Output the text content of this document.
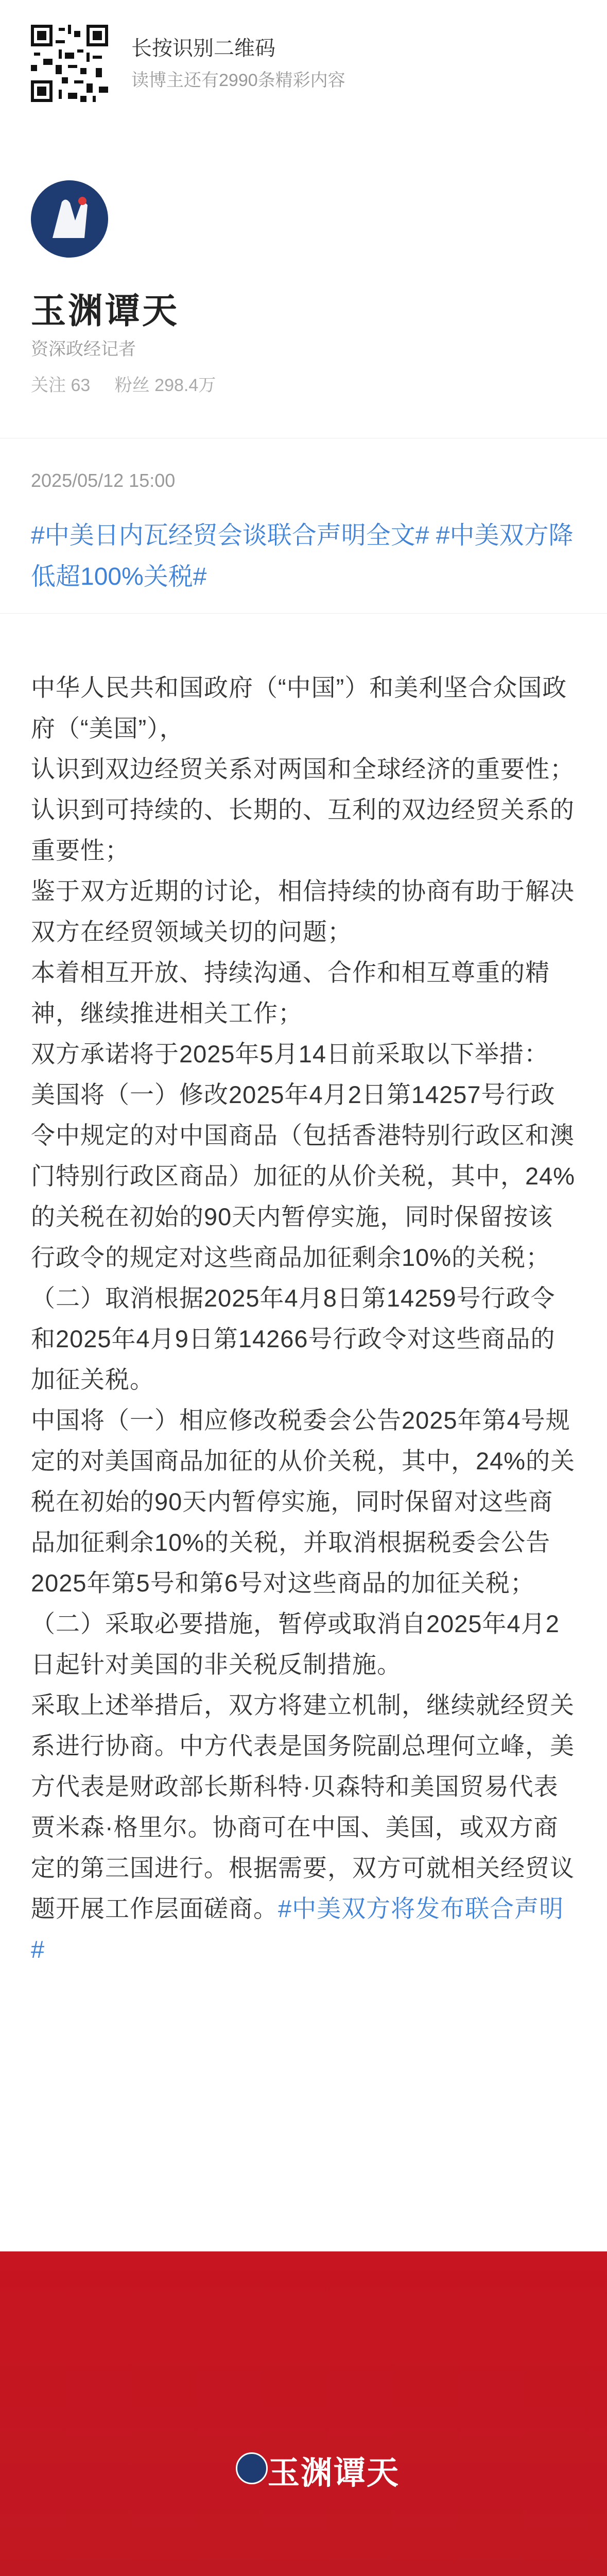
长按识别二维码
读博主还有2990条精彩内容
玉渊谭天
资深政经记者
关注 63 粉丝 298.4万
2025/05/12 15:00
#中美日内瓦经贸会谈联合声明全文# #中美双方降低超100%关税#

中华人民共和国政府（“中国”）和美利坚合众国政府（“美国”），

认识到双边经贸关系对两国和全球经济的重要性；

认识到可持续的、长期的、互利的双边经贸关系的重要性；

鉴于双方近期的讨论，相信持续的协商有助于解决双方在经贸领域关切的问题；

本着相互开放、持续沟通、合作和相互尊重的精神，继续推进相关工作；

双方承诺将于2025年5月14日前采取以下举措：

美国将（一）修改2025年4月2日第14257号行政令中规定的对中国商品（包括香港特别行政区和澳门特别行政区商品）加征的从价关税，其中，24%的关税在初始的90天内暂停实施，同时保留按该行政令的规定对这些商品加征剩余10%的关税；（二）取消根据2025年4月8日第14259号行政令和2025年4月9日第14266号行政令对这些商品的加征关税。

中国将（一）相应修改税委会公告2025年第4号规定的对美国商品加征的从价关税，其中，24%的关税在初始的90天内暂停实施，同时保留对这些商品加征剩余10%的关税，并取消根据税委会公告2025年第5号和第6号对这些商品的加征关税；（二）采取必要措施，暂停或取消自2025年4月2日起针对美国的非关税反制措施。

采取上述举措后，双方将建立机制，继续就经贸关系进行协商。中方代表是国务院副总理何立峰，美方代表是财政部长斯科特·贝森特和美国贸易代表贾米森·格里尔。协商可在中国、美国，或双方商定的第三国进行。根据需要，双方可就相关经贸议题开展工作层面磋商。#中美双方将发布联合声明#

玉渊谭天
